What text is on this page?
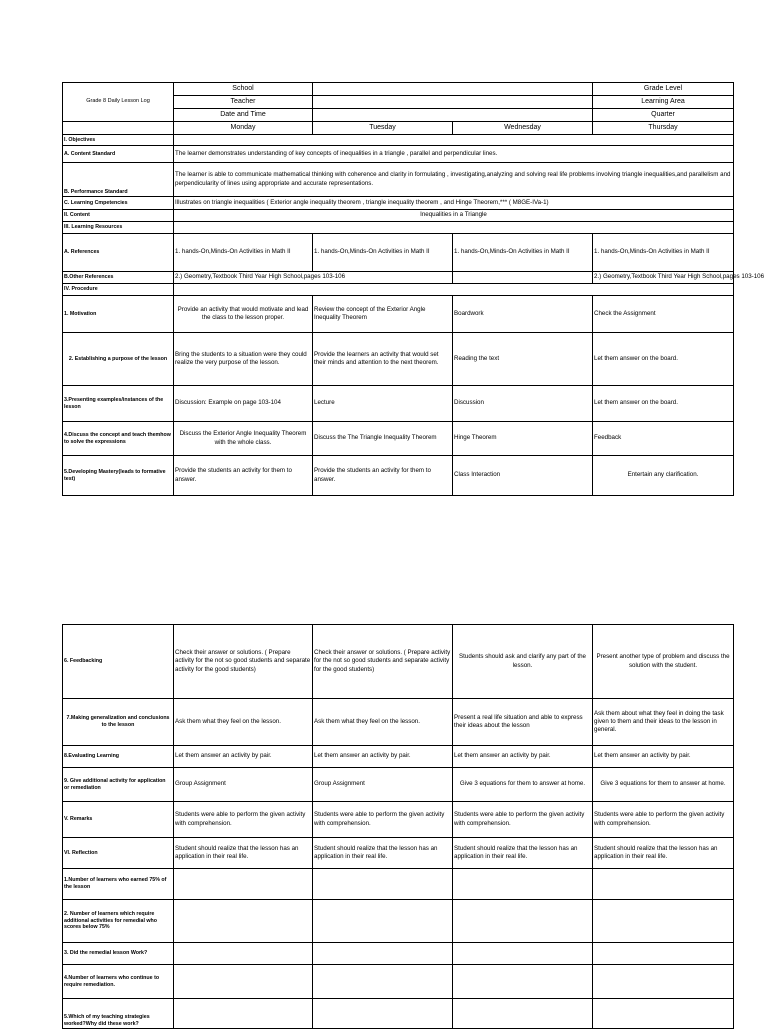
Grade 8 Daily Lesson Log	School			Grade Level
	Teacher			Learning Area
	Date and Time			Quarter
	Monday	Tuesday	Wednesday	Thursday
I. Objectives				
A. Content Standard	The learner demonstrates understanding of key concepts of inequalities in a triangle , parallel and perpendicular lines.			
B. Performance Standard	The learner is able to communicate mathematical thinking with coherence and clarity in formulating , investigating,analyzing and solving real life problems involving triangle inequalities,and parallelism and perpendicularity of lines using appropriate and accurate representations.			

C. Learning Cmpetencies	Illustrates on triangle inequalities ( Exterior angle inequality theorem , triangle inequality theorem , and Hinge Theorem,*** ( M8GE-IVa-1)			
II. Content	Inequalities in a Triangle			
III. Learning Resources				
A. References	1. hands-On,Minds-On Activities in Math II	1. hands-On,Minds-On Activities in Math II	1. hands-On,Minds-On Activities in Math II	1. hands-On,Minds-On Activities in Math II
B.Other References	2.) Geometry,Textbook Third Year High School,pages 103-106			2.) Geometry,Textbook Third Year High School,pages 103-106
IV. Procedure				
1. Motivation	Provide an activity that would motivate and lead the class to the lesson proper.	Review the concept of the Exterior Angle Inequality Theorem	Boardwork	Check the Assignment
2. Establishing a purpose of the lesson	Bring the students to a situation were they could realize the very purpose of the lesson.	Provide the learners an activity that would set their minds and attention to the next theorem.	Reading the text	Let them answer on the board.
3.Presenting examples/instances of the lesson	Discussion: Example on page 103-104	Lecture	Discussion	Let them answer on the board.
4.Discuss the concept and teach themhow to solve the expressions	Discuss the Exterior Angle Inequality Theorem with the whole class.	Discuss the The Triangle Inequality Theorem	Hinge Theorem	Feedback
5.Developing Mastery(leads to formative test)	Provide the students an activity for them to answer.	Provide the students an activity for them to answer.	Class Interaction	Entertain any clarification.
6. Feedbacking	Check their answer or solutions. ( Prepare activity for the not so good students and separate activity for the good students)	Check their answer or solutions. ( Prepare activity for the not so good students and separate activity for the good students)	Students should ask and clarify any part of the lesson.	Present another type of problem and discuss the solution with the student.
7.Making generalization and conclusions to the lesson	Ask them what they feel on the lesson.	Ask them what they feel on the lesson.	Present a real life situation and able to express their ideas about the lesson	Ask them about what they feel in doing the task given to them and their ideas to the lesson in general.
8.Evaluating Learning	Let them answer an activity by pair.	Let them answer an activity by pair.	Let them answer an activity by pair.	Let them answer an activity by pair.
9. Give additional activity for application or remediation	Group Assignment	Group Assignment	Give 3 equations for them to answer at home.	Give 3 equations for them to answer at home.
V. Remarks	Students were able to perform the given activity with comprehension.	Students were able to perform the given activity with comprehension.	Students were able to perform the given activity with comprehension.	Students were able to perform the given activity with comprehension.
VI. Reflection	Student should realize that the lesson has an application in their real life.	Student should realize that the lesson has an application in their real life.	Student should realize that the lesson has an application in their real life.	Student should realize that the lesson has an application in their real life.
1.Number of learners who earned 75% of the lesson				
2. Number of learners which require additional activities for remedial who scores below 75%				
3. Did the remedial lesson Work?				
4.Number of learners who continue to require remediation.				
5.Which of my teaching strategies worked?Why did these work?				
